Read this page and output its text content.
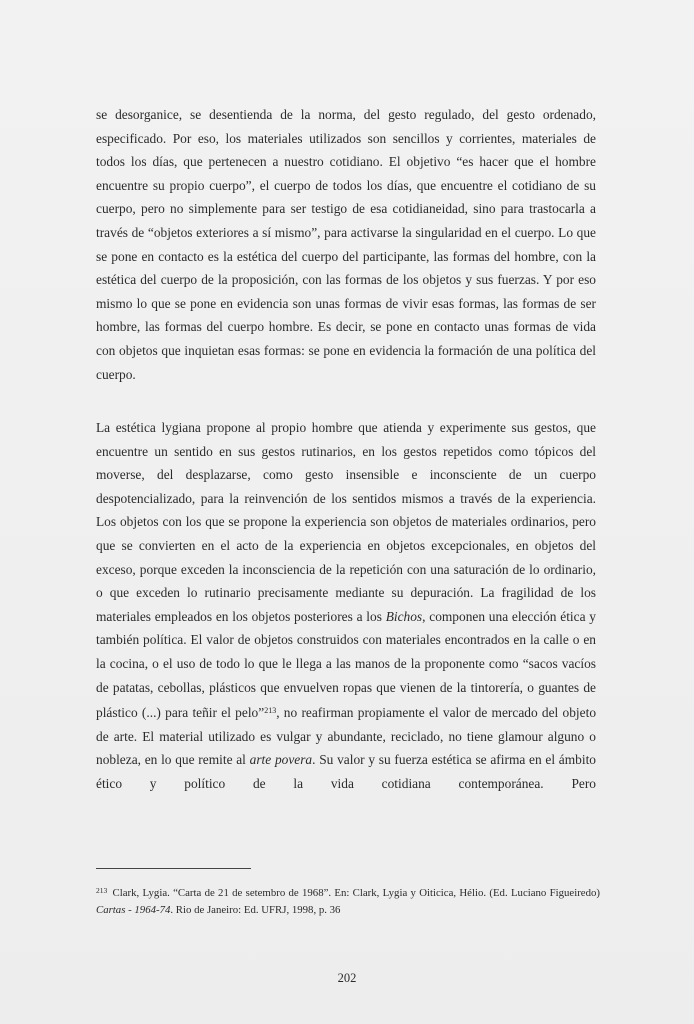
se desorganice, se desentienda de la norma, del gesto regulado, del gesto ordenado, especificado. Por eso, los materiales utilizados son sencillos y corrientes, materiales de todos los días, que pertenecen a nuestro cotidiano. El objetivo “es hacer que el hombre encuentre su propio cuerpo”, el cuerpo de todos los días, que encuentre el cotidiano de su cuerpo, pero no simplemente para ser testigo de esa cotidianeidad, sino para trastocarla a través de “objetos exteriores a sí mismo”, para activarse la singularidad en el cuerpo. Lo que se pone en contacto es la estética del cuerpo del participante, las formas del hombre, con la estética del cuerpo de la proposición, con las formas de los objetos y sus fuerzas. Y por eso mismo lo que se pone en evidencia son unas formas de vivir esas formas, las formas de ser hombre, las formas del cuerpo hombre. Es decir, se pone en contacto unas formas de vida con objetos que inquietan esas formas: se pone en evidencia la formación de una política del cuerpo.

La estética lygiana propone al propio hombre que atienda y experimente sus gestos, que encuentre un sentido en sus gestos rutinarios, en los gestos repetidos como tópicos del moverse, del desplazarse, como gesto insensible e inconsciente de un cuerpo despotencializado, para la reinvención de los sentidos mismos a través de la experiencia. Los objetos con los que se propone la experiencia son objetos de materiales ordinarios, pero que se convierten en el acto de la experiencia en objetos excepcionales, en objetos del exceso, porque exceden la inconsciencia de la repetición con una saturación de lo ordinario, o que exceden lo rutinario precisamente mediante su depuración. La fragilidad de los materiales empleados en los objetos posteriores a los Bichos, componen una elección ética y también política. El valor de objetos construidos con materiales encontrados en la calle o en la cocina, o el uso de todo lo que le llega a las manos de la proponente como “sacos vacíos de patatas, cebollas, plásticos que envuelven ropas que vienen de la tintorería, o guantes de plástico (...) para teñir el pelo”$^{213}$, no reafirman propiamente el valor de mercado del objeto de arte. El material utilizado es vulgar y abundante, reciclado, no tiene glamour alguno o nobleza, en lo que remite al arte povera. Su valor y su fuerza estética se afirma en el ámbito ético y político de la vida cotidiana contemporánea. Pero

$^{213}$ Clark, Lygia. “Carta de 21 de setembro de 1968”. En: Clark, Lygia y Oiticica, Hélio. (Ed. Luciano Figueiredo) Cartas - 1964-74. Rio de Janeiro: Ed. UFRJ, 1998, p. 36
202
